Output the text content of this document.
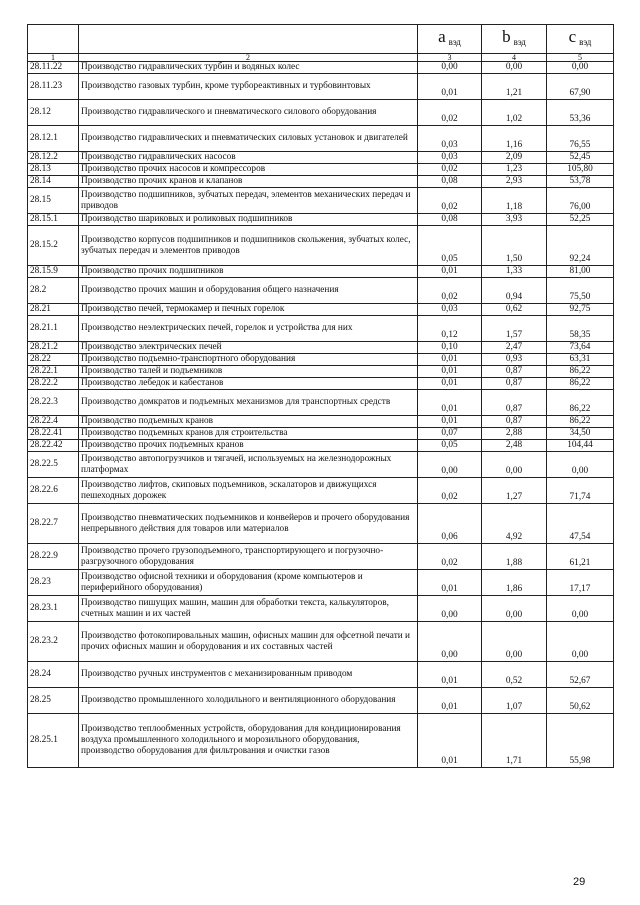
		a $_{вэд}$	b $_{вэд}$	c $_{вэд}$
1	2	3	4	5
28.11.22	Производство гидравлических турбин и водяных колес	0,00	0,00	0,00
28.11.23	Производство газовых турбин, кроме турбореактивных и турбовинтовых	0,01	1,21	67,90
28.12	Производство гидравлического и пневматического силового оборудования	0,02	1,02	53,36
28.12.1	Производство гидравлических и пневматических силовых установок и двигателей	0,03	1,16	76,55
28.12.2	Производство гидравлических насосов	0,03	2,09	52,45
28.13	Производство прочих насосов и компрессоров	0,02	1,23	105,80
28.14	Производство прочих кранов и клапанов	0,08	2,93	53,78
28.15	Производство подшипников, зубчатых передач, элементов механических передач и приводов	0,02	1,18	76,00
28.15.1	Производство шариковых и роликовых подшипников	0,08	3,93	52,25
28.15.2	Производство корпусов подшипников и подшипников скольжения, зубчатых колес, зубчатых передач и элементов приводов	0,05	1,50	92,24
28.15.9	Производство прочих подшипников	0,01	1,33	81,00
28.2	Производство прочих машин и оборудования общего назначения	0,02	0,94	75,50
28.21	Производство печей, термокамер и печных горелок	0,03	0,62	92,75
28.21.1	Производство неэлектрических печей, горелок и устройства для них	0,12	1,57	58,35
28.21.2	Производство электрических печей	0,10	2,47	73,64
28.22	Производство подъемно-транспортного оборудования	0,01	0,93	63,31
28.22.1	Производство талей и подъемников	0,01	0,87	86,22
28.22.2	Производство лебедок и кабестанов	0,01	0,87	86,22
28.22.3	Производство домкратов и подъемных механизмов для транспортных средств	0,01	0,87	86,22
28.22.4	Производство подъемных кранов	0,01	0,87	86,22
28.22.41	Производство подъемных кранов для строительства	0,07	2,88	34,50
28.22.42	Производство прочих подъемных кранов	0,05	2,48	104,44
28.22.5	Производство автопогрузчиков и тягачей, используемых на железнодорожных платформах	0,00	0,00	0,00
28.22.6	Производство лифтов, скиповых подъемников, эскалаторов и движущихся пешеходных дорожек	0,02	1,27	71,74
28.22.7	Производство пневматических подъемников и конвейеров и прочего оборудования непрерывного действия для товаров или материалов	0,06	4,92	47,54
28.22.9	Производство прочего грузоподъемного, транспортирующего и погрузочно-разгрузочного оборудования	0,02	1,88	61,21
28.23	Производство офисной техники и оборудования (кроме компьютеров и периферийного оборудования)	0,01	1,86	17,17
28.23.1	Производство пишущих машин, машин для обработки текста, калькуляторов, счетных машин и их частей	0,00	0,00	0,00
28.23.2	Производство фотокопировальных машин, офисных машин для офсетной печати и прочих офисных машин и оборудования и их составных частей	0,00	0,00	0,00
28.24	Производство ручных инструментов с механизированным приводом	0,01	0,52	52,67
28.25	Производство промышленного холодильного и вентиляционного оборудования	0,01	1,07	50,62
28.25.1	Производство теплообменных устройств, оборудования для кондиционирования воздуха промышленного холодильного и морозильного оборудования, производство оборудования для фильтрования и очистки газов	0,01	1,71	55,98
29
